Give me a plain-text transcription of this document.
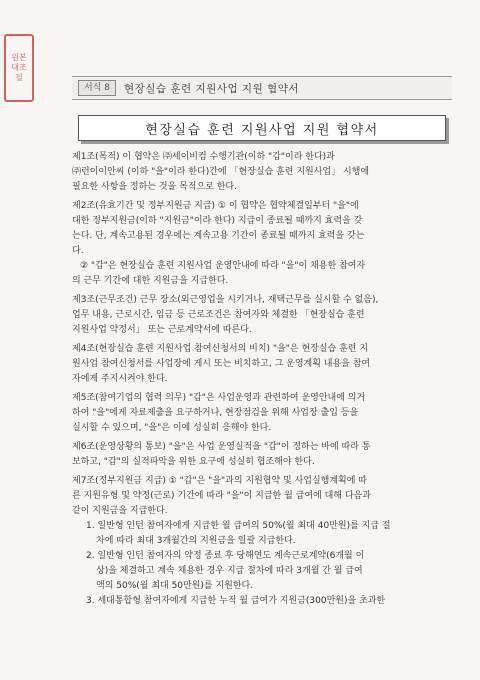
원본
대조
필
서식 8	현장실습 훈련 지원사업 지원 협약서
현장실습 훈련 지원사업 지원 협약서

제1조(목적) 이 협약은 ㈜세이비컴 수행기관(이하 "갑"이라 한다)과
㈜런이이안씨 (이하 "을"이라 한다)간에 「현장실습 훈련 지원사업」 시행에
필요한 사항을 정하는 것을 목적으로 한다.

제2조(유효기간 및 정부지원금 지급) ① 이 협약은 협약체결일부터 "을"에
대한 정부지원금(이하 "지원금"이라 한다) 지급이 종료될 때까지 효력을 갖
는다. 단, 계속고용된 경우에는 계속고용 기간이 종료될 때까지 효력을 갖는
다.
② "갑"은 현장실습 훈련 지원사업 운영안내에 따라 "을"이 채용한 참여자
의 근무 기간에 대한 지원금을 지급한다.

제3조(근무조건) 근무 장소(외근영업을 시키거나, 재택근무를 실시할 수 없음),
업무 내용, 근로시간, 임금 등 근로조건은 참여자와 체결한 「현장실습 훈련
지원사업 약정서」 또는 근로계약서에 따른다.

제4조(현장실습 훈련 지원사업 참여신청서의 비치) "을"은 현장실습 훈련 지
원사업 참여신청서를 사업장에 게시 또는 비치하고, 그 운영계획 내용을 참여
자에게 주지시켜야 한다.

제5조(참여기업의 협력 의무) "갑"은 사업운영과 관련하여 운영안내에 의거
하여 "을"에게 자료제출을 요구하거나, 현장점검을 위해 사업장 출입 등을
실시할 수 있으며, "을"은 이에 성실히 응해야 한다.

제6조(운영상황의 통보) "을"은 사업 운영실적을 "갑"이 정하는 바에 따라 통
보하고, "갑"의 실적파악을 위한 요구에 성실히 협조해야 한다.

제7조(정부지원금 지급) ① "갑"은 "을"과의 지원협약 및 사업실행계획에 따
른 지원유형 및 약정(근로) 기간에 따라 "을"이 지급한 월 급여에 대해 다음과
같이 지원금을 지급한다.
1. 일반형 인턴 참여자에게 지급한 월 급여의 50%(월 최대 40만원)를 지급 절
차에 따라 최대 3개월간의 지원금을 일괄 지급한다.
2. 일반형 인턴 참여자의 약정 종료 후 당해연도 계속근로계약(6개월 이
상)을 체결하고 계속 채용한 경우 지급 절차에 따라 3개월 간 월 급여
액의 50%(월 최대 50만원)를 지원한다.
3. 세대통합형 참여자에게 지급한 누적 월 급여가 지원금(300만원)을 초과한
